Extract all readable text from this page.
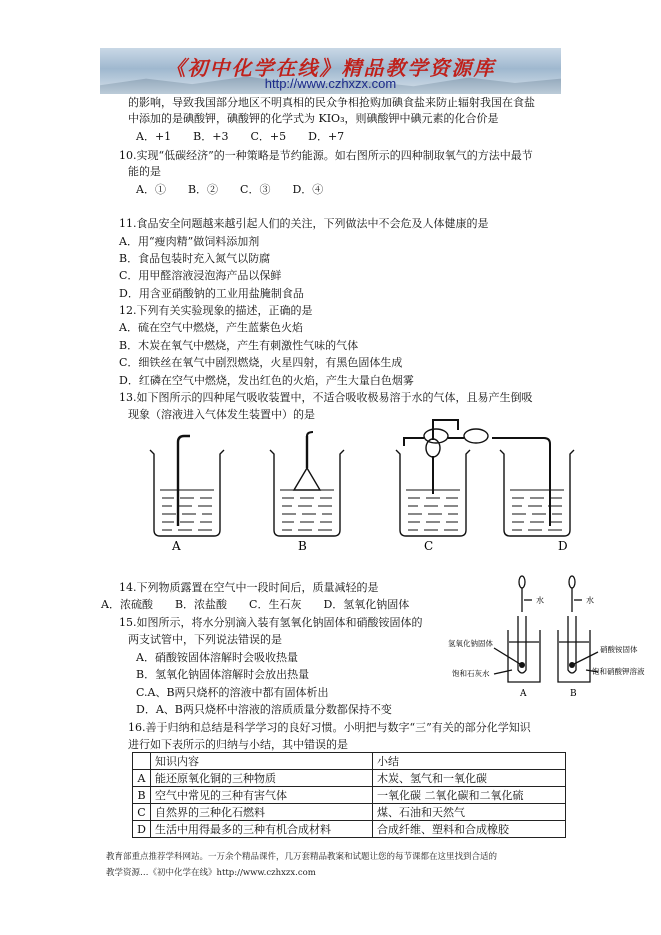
《初中化学在线》精品教学资源库
http://www.czhxzx.com
的影响，导致我国部分地区不明真相的民众争相抢购加碘食盐来防止辐射我国在食盐
中添加的是碘酸钾，碘酸钾的化学式为 KIO₃，则碘酸钾中碘元素的化合价是
A．+1 B．+3 C．+5 D．+7
10.实现“低碳经济”的一种策略是节约能源。如右图所示的四种制取氧气的方法中最节
能的是
A．① B．② C．③ D．④
11.食品安全问题越来越引起人们的关注，下列做法中不会危及人体健康的是
A．用“瘦肉精”做饲料添加剂
B．食品包装时充入氮气以防腐
C．用甲醛溶液浸泡海产品以保鲜
D．用含亚硝酸钠的工业用盐腌制食品
12.下列有关实验现象的描述，正确的是
A．硫在空气中燃烧，产生蓝紫色火焰
B．木炭在氧气中燃烧，产生有刺激性气味的气体
C．细铁丝在氧气中剧烈燃烧，火星四射，有黑色固体生成
D．红磷在空气中燃烧，发出红色的火焰，产生大量白色烟雾
13.如下图所示的四种尾气吸收装置中，不适合吸收极易溶于水的气体，且易产生倒吸
现象（溶液进入气体发生装置中）的是
A	B	C	D
14.下列物质露置在空气中一段时间后，质量减轻的是
A．浓硫酸 B．浓盐酸 C．生石灰 D．氢氧化钠固体
15.如图所示，将水分别滴入装有氢氧化钠固体和硝酸铵固体的
两支试管中，下列说法错误的是
A．硝酸铵固体溶解时会吸收热量
B．氢氧化钠固体溶解时会放出热量
C.A、B两只烧杯的溶液中都有固体析出
D．A、B两只烧杯中溶液的溶质质量分数都保持不变
水	水
氢氧化钠固体
饱和石灰水
硝酸铵固体
饱和硝酸钾溶液
A	B
16.善于归纳和总结是科学学习的良好习惯。小明把与数字“三”有关的部分化学知识
进行如下表所示的归纳与小结，其中错误的是
	知识内容	小结
A	能还原氧化铜的三种物质	木炭、氢气和一氧化碳
B	空气中常见的三种有害气体	一氧化碳 二氧化碳和二氧化硫
C	自然界的三种化石燃料	煤、石油和天然气
D	生活中用得最多的三种有机合成材料	合成纤维、塑料和合成橡胶
教育部重点推荐学科网站。一万余个精品课件，几万套精品教案和试题让您的每节课都在这里找到合适的
教学资源…《初中化学在线》http://www.czhxzx.com
